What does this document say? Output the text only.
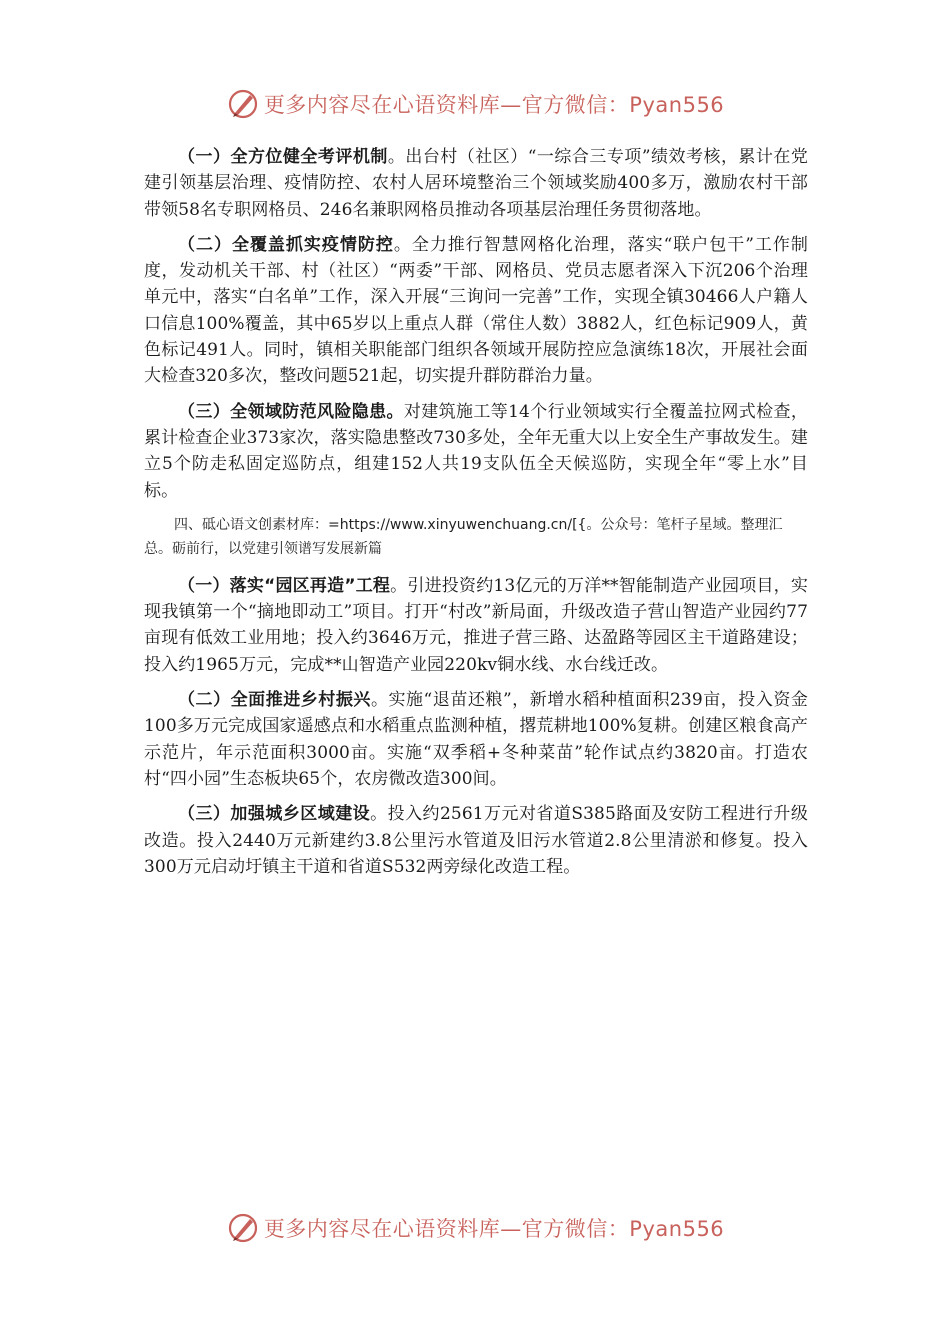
更多内容尽在心语资料库—官方微信：Pyan556

（一）全方位健全考评机制。出台村（社区）“一综合三专项”绩效考核，累计在党建引领基层治理、疫情防控、农村人居环境整治三个领域奖励400多万，激励农村干部带领58名专职网格员、246名兼职网格员推动各项基层治理任务贯彻落地。

（二）全覆盖抓实疫情防控。全力推行智慧网格化治理，落实“联户包干”工作制度，发动机关干部、村（社区）“两委”干部、网格员、党员志愿者深入下沉206个治理单元中，落实“白名单”工作，深入开展“三询问一完善”工作，实现全镇30466人户籍人口信息100%覆盖，其中65岁以上重点人群（常住人数）3882人，红色标记909人，黄色标记491人。同时，镇相关职能部门组织各领域开展防控应急演练18次，开展社会面大检查320多次，整改问题521起，切实提升群防群治力量。

（三）全领域防范风险隐患。对建筑施工等14个行业领域实行全覆盖拉网式检查，累计检查企业373家次，落实隐患整改730多处，全年无重大以上安全生产事故发生。建立5个防走私固定巡防点，组建152人共19支队伍全天候巡防，实现全年“零上水”目标。

四、砥心语文创素材库：=https://www.xinyuwenchuang.cn/[{。公众号：笔杆子星域。整理汇总。砺前行，以党建引领谱写发展新篇

（一）落实“园区再造”工程。引进投资约13亿元的万洋**智能制造产业园项目，实现我镇第一个“摘地即动工”项目。打开“村改”新局面，升级改造子营山智造产业园约77亩现有低效工业用地；投入约3646万元，推进子营三路、达盈路等园区主干道路建设；投入约1965万元，完成**山智造产业园220kv铜水线、水台线迁改。

（二）全面推进乡村振兴。实施“退苗还粮”，新增水稻种植面积239亩，投入资金100多万元完成国家遥感点和水稻重点监测种植，撂荒耕地100%复耕。创建区粮食高产示范片，年示范面积3000亩。实施“双季稻+冬种菜苗”轮作试点约3820亩。打造农村“四小园”生态板块65个，农房微改造300间。

（三）加强城乡区域建设。投入约2561万元对省道S385路面及安防工程进行升级改造。投入2440万元新建约3.8公里污水管道及旧污水管道2.8公里清淤和修复。投入300万元启动圩镇主干道和省道S532两旁绿化改造工程。

更多内容尽在心语资料库—官方微信：Pyan556
